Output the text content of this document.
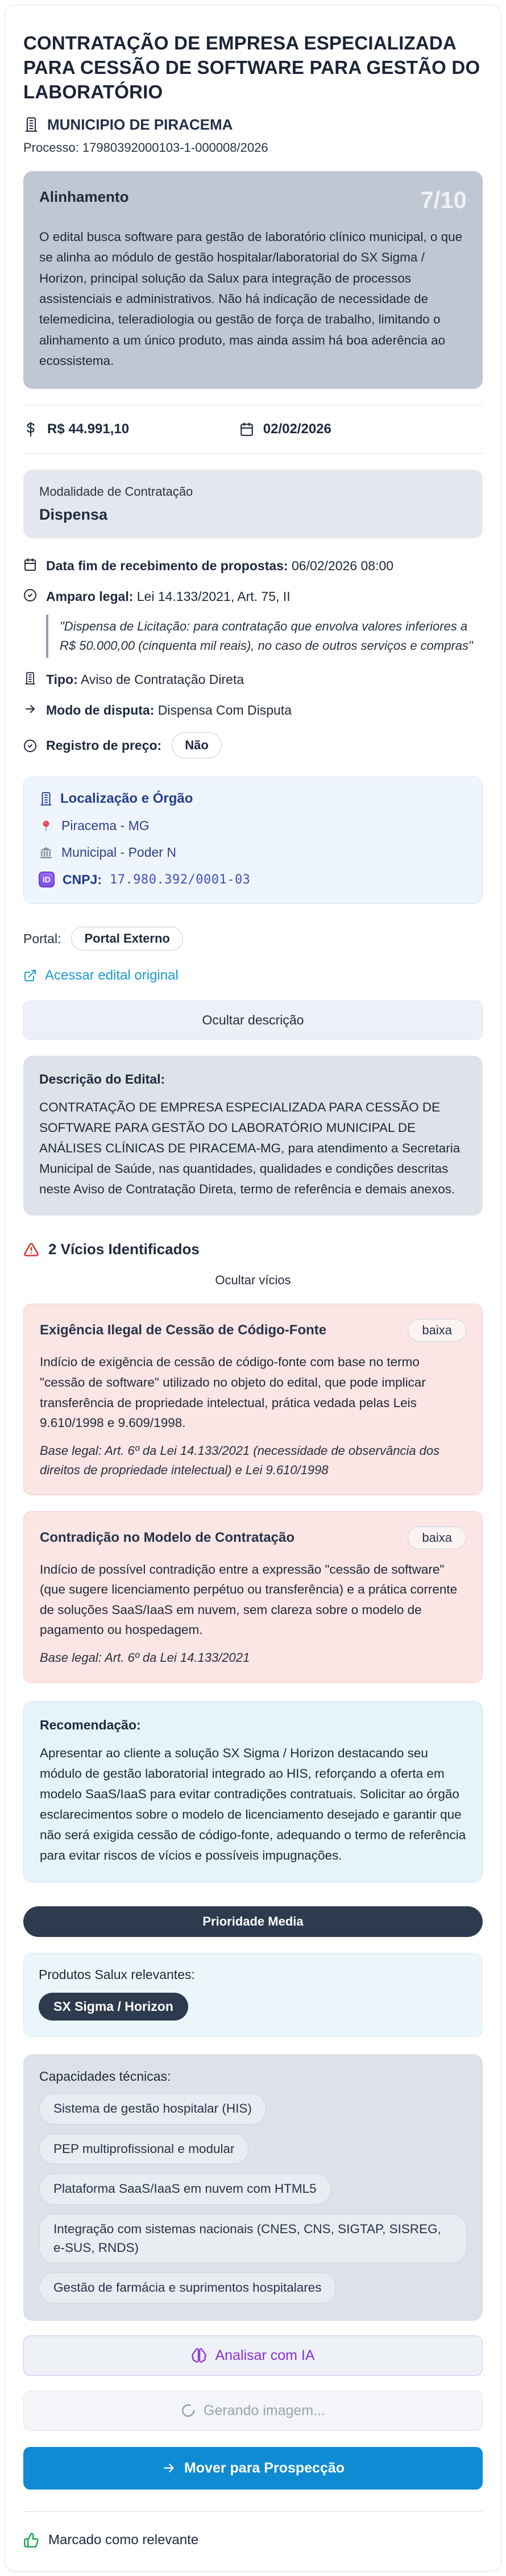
CONTRATAÇÃO DE EMPRESA ESPECIALIZADA PARA CESSÃO DE SOFTWARE PARA GESTÃO DO LABORATÓRIO
MUNICIPIO DE PIRACEMA
Processo: 17980392000103-1-000008/2026
Alinhamento	7/10

O edital busca software para gestão de laboratório clínico municipal, o que se alinha ao módulo de gestão hospitalar/laboratorial do SX Sigma / Horizon, principal solução da Salux para integração de processos assistenciais e administrativos. Não há indicação de necessidade de telemedicina, teleradiologia ou gestão de força de trabalho, limitando o alinhamento a um único produto, mas ainda assim há boa aderência ao ecossistema.

R$ 44.991,10	02/02/2026
Modalidade de Contratação
Dispensa
Data fim de recebimento de propostas: 06/02/2026 08:00
Amparo legal: Lei 14.133/2021, Art. 75, II
"Dispensa de Licitação: para contratação que envolva valores inferiores a R$ 50.000,00 (cinquenta mil reais), no caso de outros serviços e compras"
Tipo: Aviso de Contratação Direta
Modo de disputa: Dispensa Com Disputa
Registro de preço:	Não
Localização e Órgão
Piracema - MG
Municipal - Poder N
ID CNPJ: 17.980.392/0001-03
Portal:	Portal Externo
Acessar edital original
Ocultar descrição
Descrição do Edital:

CONTRATAÇÃO DE EMPRESA ESPECIALIZADA PARA CESSÃO DE SOFTWARE PARA GESTÃO DO LABORATÓRIO MUNICIPAL DE ANÁLISES CLÍNICAS DE PIRACEMA-MG, para atendimento a Secretaria Municipal de Saúde, nas quantidades, qualidades e condições descritas neste Aviso de Contratação Direta, termo de referência e demais anexos.

2 Vícios Identificados
Ocultar vícios
Exigência Ilegal de Cessão de Código-Fonte	baixa

Indício de exigência de cessão de código-fonte com base no termo "cessão de software" utilizado no objeto do edital, que pode implicar transferência de propriedade intelectual, prática vedada pelas Leis 9.610/1998 e 9.609/1998.

Base legal: Art. 6º da Lei 14.133/2021 (necessidade de observância dos direitos de propriedade intelectual) e Lei 9.610/1998

Contradição no Modelo de Contratação	baixa

Indício de possível contradição entre a expressão "cessão de software" (que sugere licenciamento perpétuo ou transferência) e a prática corrente de soluções SaaS/IaaS em nuvem, sem clareza sobre o modelo de pagamento ou hospedagem.

Base legal: Art. 6º da Lei 14.133/2021

Recomendação:

Apresentar ao cliente a solução SX Sigma / Horizon destacando seu módulo de gestão laboratorial integrado ao HIS, reforçando a oferta em modelo SaaS/IaaS para evitar contradições contratuais. Solicitar ao órgão esclarecimentos sobre o modelo de licenciamento desejado e garantir que não será exigida cessão de código-fonte, adequando o termo de referência para evitar riscos de vícios e possíveis impugnações.

Prioridade Media
Produtos Salux relevantes:
SX Sigma / Horizon
Capacidades técnicas:
Sistema de gestão hospitalar (HIS)
PEP multiprofissional e modular
Plataforma SaaS/IaaS em nuvem com HTML5
Integração com sistemas nacionais (CNES, CNS, SIGTAP, SISREG, e-SUS, RNDS)
Gestão de farmácia e suprimentos hospitalares
Analisar com IA
Gerando imagem...
Mover para Prospecção
Marcado como relevante
